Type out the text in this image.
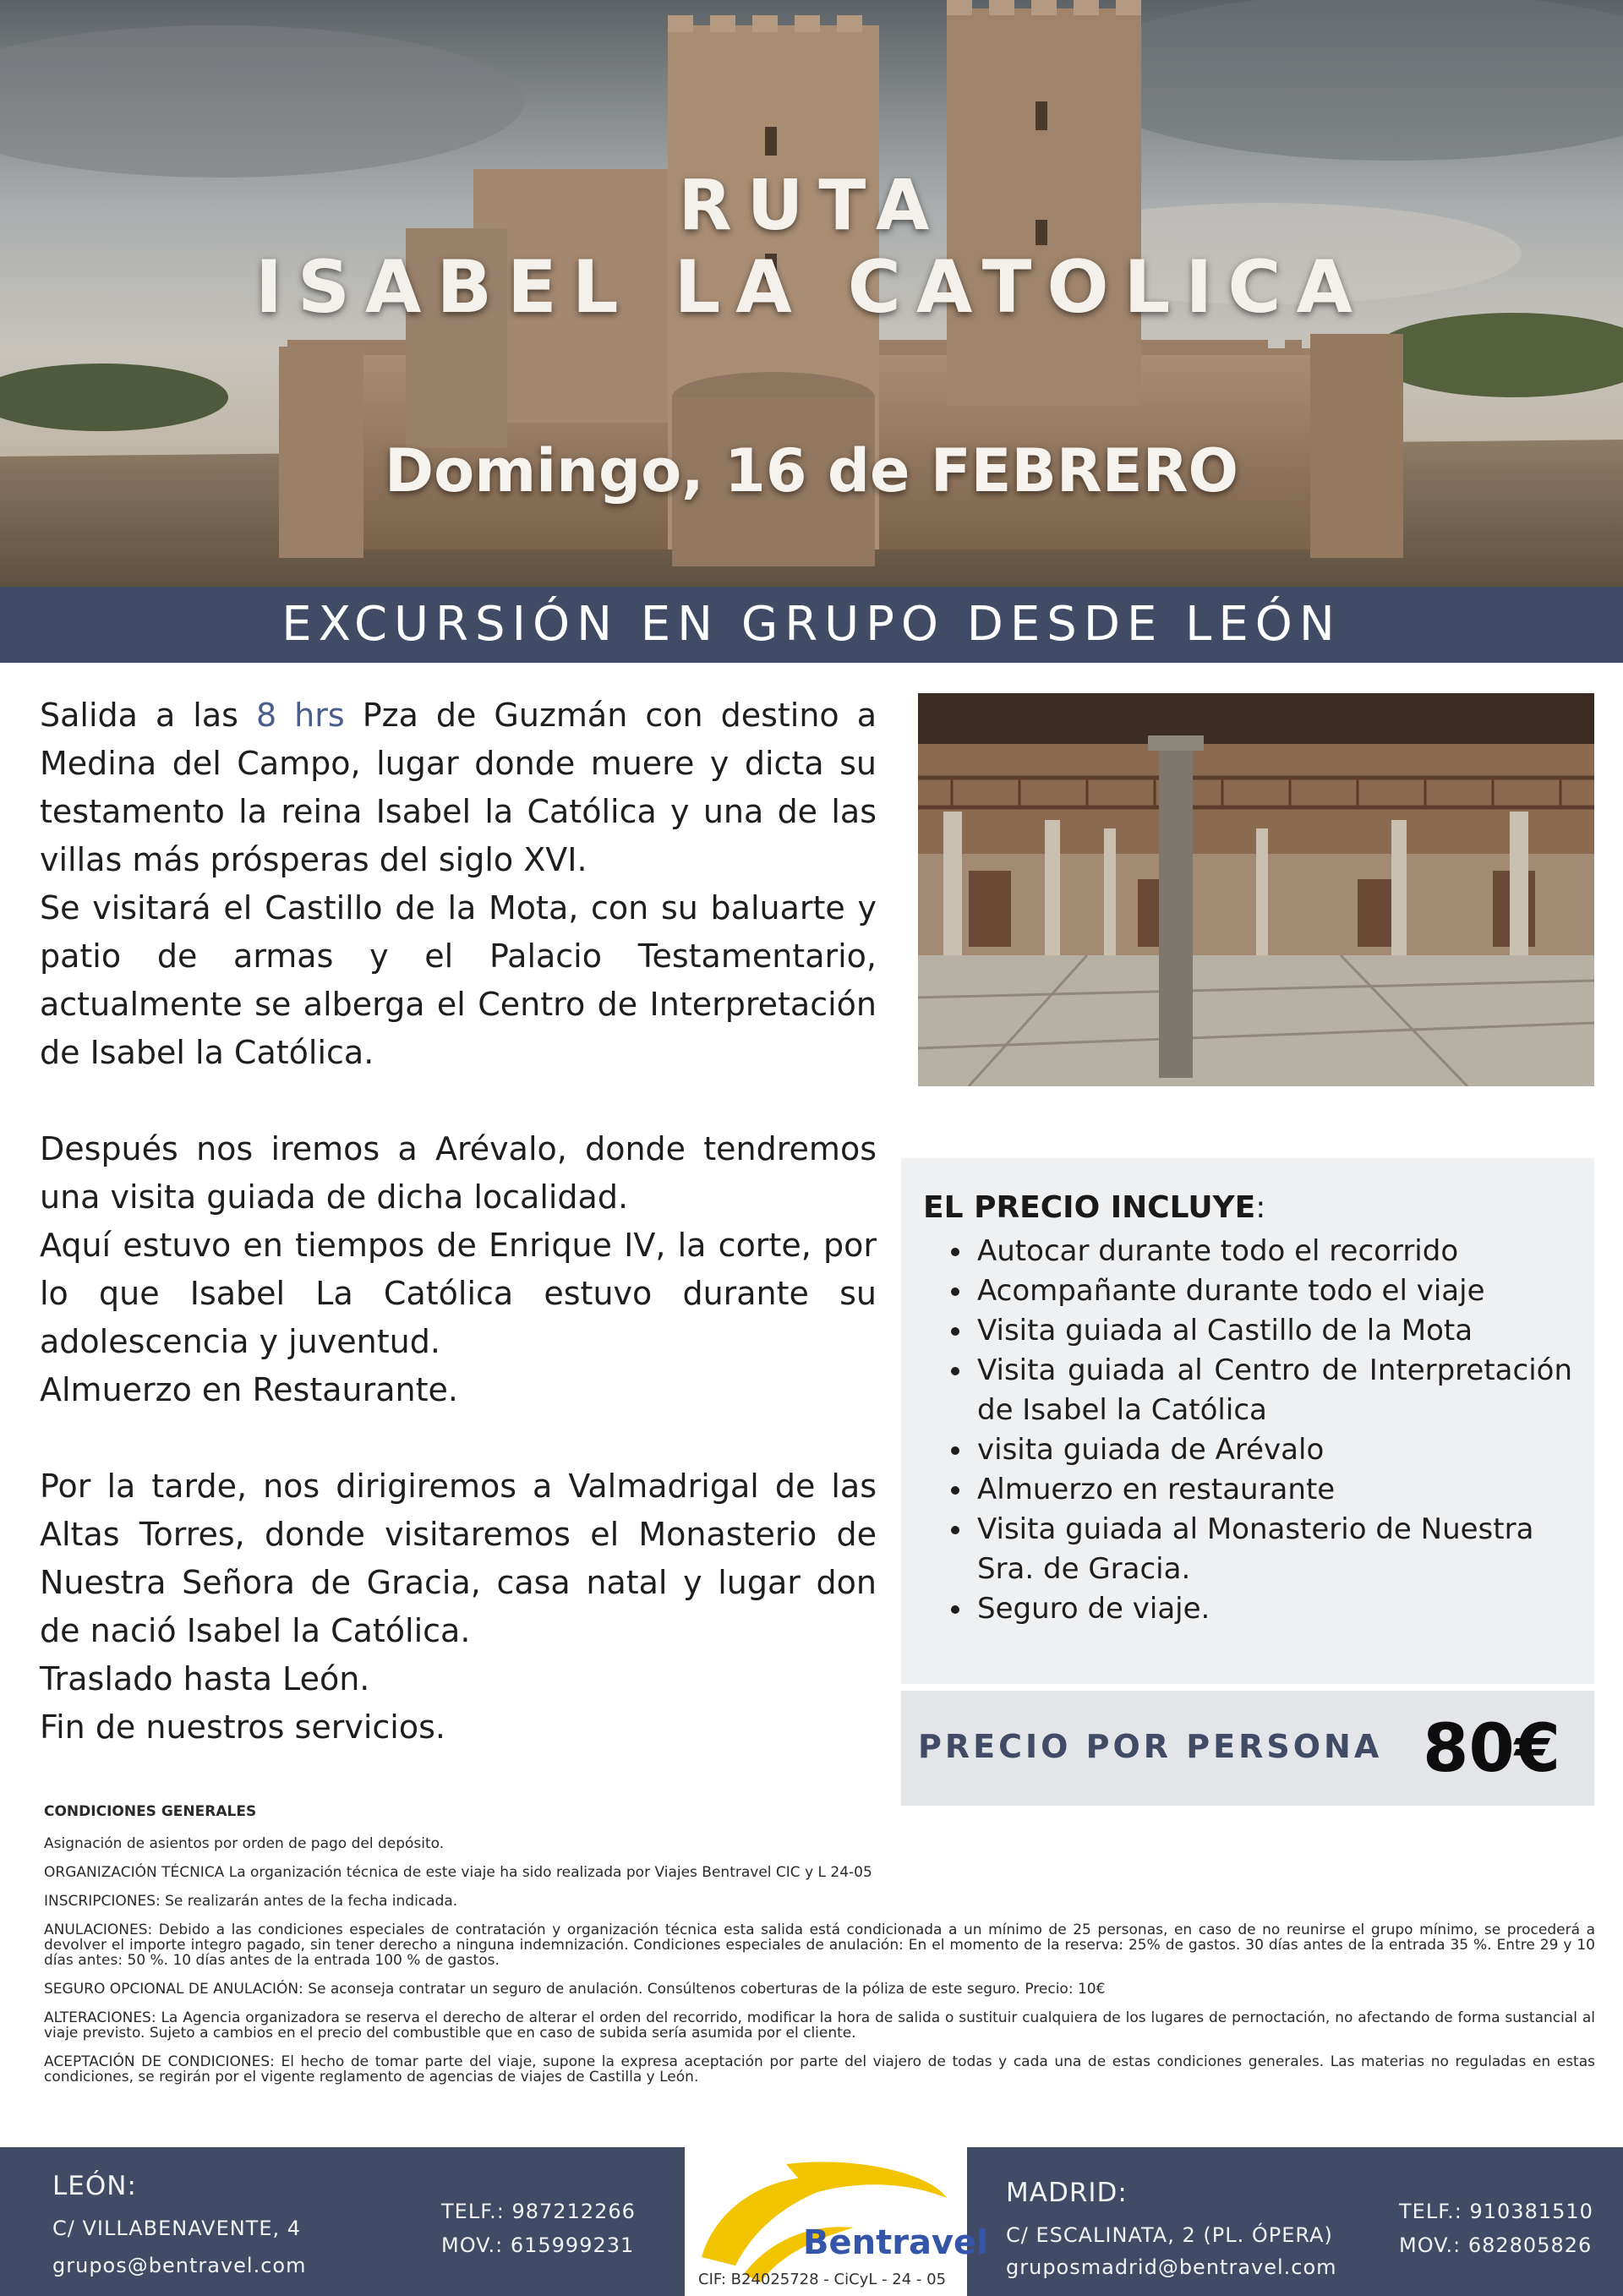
RUTA
ISABEL LA CATOLICA
Domingo, 16 de FEBRERO
EXCURSIÓN EN GRUPO DESDE LEÓN

Salida a las 8 hrs Pza de Guzmán con destino a Medina del Campo, lugar donde muere y dicta su testamento la reina Isabel la Católica y una de las villas más prósperas del siglo XVI.

Se visitará el Castillo de la Mota, con su baluarte y patio de armas y el Palacio Testamentario, actualmente se alberga el Centro de Interpretación de Isabel la Católica.

Después nos iremos a Arévalo, donde tendremos una visita guiada de dicha localidad.

Aquí estuvo en tiempos de Enrique IV, la corte, por lo que Isabel La Católica estuvo durante su adolescencia y juventud.

Almuerzo en Restaurante.

Por la tarde, nos dirigiremos a Valmadrigal de las Altas Torres, donde visitaremos el Monasterio de Nuestra Señora de Gracia, casa natal y lugar don de nació Isabel la Católica.

Traslado hasta León.

Fin de nuestros servicios.

EL PRECIO INCLUYE:
• Autocar durante todo el recorrido
• Acompañante durante todo el viaje
• Visita guiada al Castillo de la Mota
• Visita guiada al Centro de Interpretación de Isabel la Católica
• visita guiada de Arévalo
• Almuerzo en restaurante
• Visita guiada al Monasterio de Nuestra Sra. de Gracia.
• Seguro de viaje.
PRECIO POR PERSONA 80€

CONDICIONES GENERALES

Asignación de asientos por orden de pago del depósito.

ORGANIZACIÓN TÉCNICA La organización técnica de este viaje ha sido realizada por Viajes Bentravel CIC y L 24-05

INSCRIPCIONES: Se realizarán antes de la fecha indicada.

ANULACIONES: Debido a las condiciones especiales de contratación y organización técnica esta salida está condicionada a un mínimo de 25 personas, en caso de no reunirse el grupo mínimo, se procederá a devolver el importe integro pagado, sin tener derecho a ninguna indemnización. Condiciones especiales de anulación: En el momento de la reserva: 25% de gastos. 30 días antes de la entrada 35 %. Entre 29 y 10 días antes: 50 %. 10 días antes de la entrada 100 % de gastos.

SEGURO OPCIONAL DE ANULACIÓN: Se aconseja contratar un seguro de anulación. Consúltenos coberturas de la póliza de este seguro. Precio: 10€

ALTERACIONES: La Agencia organizadora se reserva el derecho de alterar el orden del recorrido, modificar la hora de salida o sustituir cualquiera de los lugares de pernoctación, no afectando de forma sustancial al viaje previsto. Sujeto a cambios en el precio del combustible que en caso de subida sería asumida por el cliente.

ACEPTACIÓN DE CONDICIONES: El hecho de tomar parte del viaje, supone la expresa aceptación por parte del viajero de todas y cada una de estas condiciones generales. Las materias no reguladas en estas condiciones, se regirán por el vigente reglamento de agencias de viajes de Castilla y León.

LEÓN:
C/ VILLABENAVENTE, 4
grupos@bentravel.com
TELF.: 987212266
MOV.: 615999231
MADRID:
C/ ESCALINATA, 2 (PL. ÓPERA)
gruposmadrid@bentravel.com
TELF.: 910381510
MOV.: 682805826
Bentravel
CIF: B24025728 - CiCyL - 24 - 05
